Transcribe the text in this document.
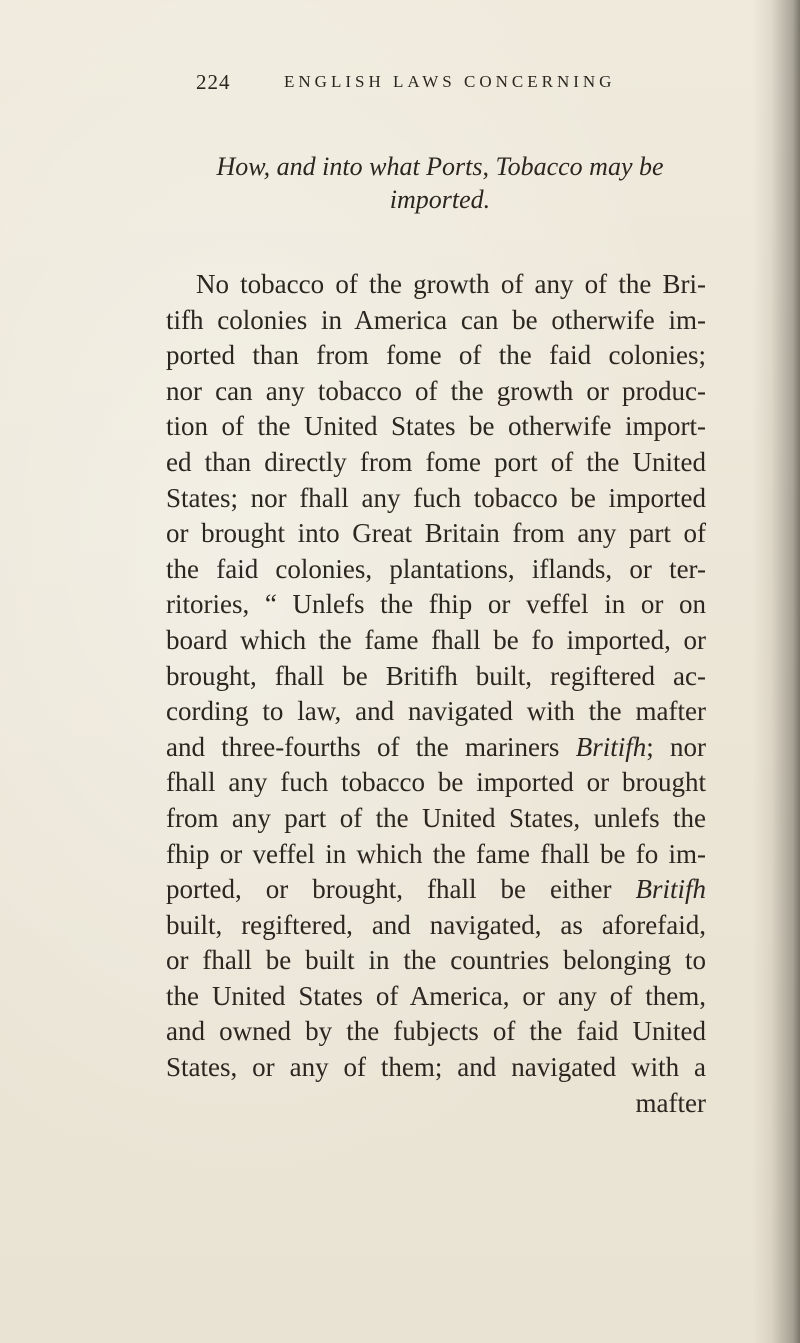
224	ENGLISH LAWS CONCERNING
How, and into what Ports, Tobacco may be
imported.
No tobacco of the growth of any of the Bri-
tifh colonies in America can be otherwife im-
ported than from fome of the faid colonies;
nor can any tobacco of the growth or produc-
tion of the United States be otherwife import-
ed than directly from fome port of the United
States; nor fhall any fuch tobacco be imported
or brought into Great Britain from any part of
the faid colonies, plantations, iflands, or ter-
ritories, “ Unlefs the fhip or veffel in or on
board which the fame fhall be fo imported, or
brought, fhall be Britifh built, regiftered ac-
cording to law, and navigated with the mafter
and three-fourths of the mariners Britifh; nor
fhall any fuch tobacco be imported or brought
from any part of the United States, unlefs the
fhip or veffel in which the fame fhall be fo im-
ported, or brought, fhall be either Britifh
built, regiftered, and navigated, as aforefaid,
or fhall be built in the countries belonging to
the United States of America, or any of them,
and owned by the fubjects of the faid United
States, or any of them; and navigated with a
mafter
